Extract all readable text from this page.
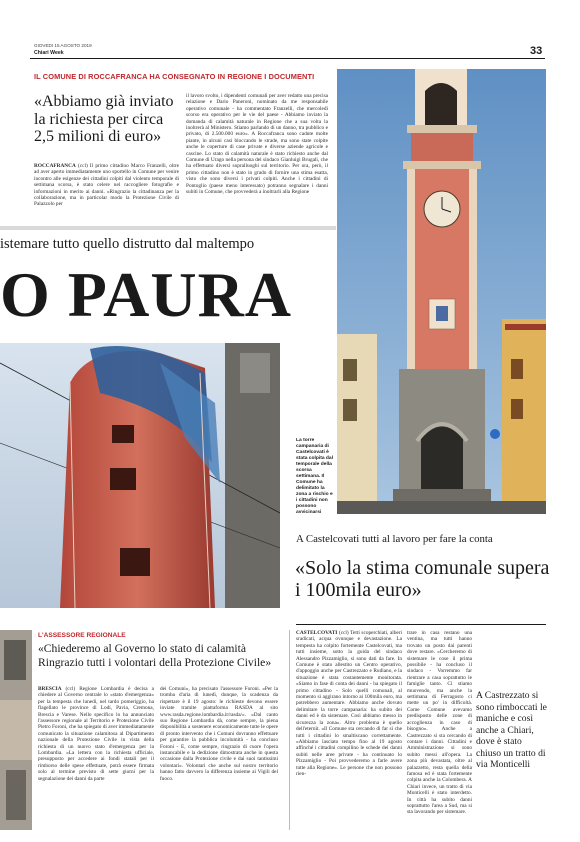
GIOVEDI 15 AGOSTO 2019
Chiari Week	33
IL COMUNE DI ROCCAFRANCA HA CONSEGNATO IN REGIONE I DOCUMENTI
«Abbiamo già inviato la richiesta per circa 2,5 milioni di euro»

ROCCAFRANCA (ccl) Il primo cittadino Marco Franzelli, oltre ad aver aperto immediatamente uno sportello in Comune per venire incontro alle esigenze dei cittadini colpiti dal violento temporale di settimana scorsa, è stato celere nel raccogliere fotografie e informazioni in merito ai danni. «Ringrazio la cittadinanza per la collaborazione, ma in particolar modo la Protezione Civile di Palazzolo per

il lavoro svolto, i dipendenti comunali per aver redatto una precisa relazione e Dario Paneroni, nominato da me responsabile operativo comunale - ha commentato Franzelli, che mercoledì scorso era operativo per le vie del paese - Abbiamo inviato la domanda di calamità naturale in Regione che a sua volta la inoltrerà al Ministero. Stiamo parlando di un danno, tra pubblico e privato, di 2.500.000 euro». A Roccafranca sono cadute molte piante, in alcuni casi bloccando le strade, ma sono state colpite anche le coperture di case private e diverse aziende agricole e cascine. Lo stato di calamità naturale è stato richiesto anche dal Comune di Urago nella persona del sindaco Gianluigi Brugali, che ha effettuato diversi sopralluoghi sul territorio. Per ora, però, il primo cittadino non è stato in grado di fornire una stima esatta, visto che sono diversi i privati colpiti. Anche i cittadini di Pontoglio (paese meno interessato) potranno segnalare i danni subiti in Comune, che provvederà a inoltrarli alla Regione

istemare tutto quello distrutto dal maltempo
O PAURA
La torre campanaria di Castelcovati è stata colpita dal temporale della scorsa settimana. Il Comune ha delimitato la zona a rischio e i cittadini non possono avvicinarsi
A Castelcovati tutti al lavoro per fare la conta
«Solo la stima comunale supera i 100mila euro»

CASTELCOVATI (ccl) Tetti scoperchiati, alberi sradicati, acqua ovunque e devastazione. La tempesta ha colpito fortemente Castelcovati, ma tutti insieme, sotto la guida del sindaco Alessandro Pizzamiglio, si sono dati da fare. In Comune è stato allestito un Centro operativo, d'appoggio anche per Castrezzato e Rudiano, e la situazione è stata costantemente monitorata. «Siamo in fase di conta dei danni - ha spiegato il primo cittadino - Solo quelli comunali, al momento si aggirano intorno ai 100mila euro, ma potrebbero aumentare. Abbiamo anche dovuto delimitare la torre campanaria: ha subito dei danni ed è da sistemare. Così abbiamo messo in sicurezza la zona». Altro problema è quello dell'eternit. «Il Comune sta cercando di far sì che tutti i cittadini lo smaltiscano correttamente. «Abbiamo lasciato tempo fino al 19 agosto affinché i cittadini compilino le schede dei danni subiti nelle aree private - ha continuato lo Pizzamiglio - Poi provvederemo a farle avere tutte alla Regione». Le persone che non possono rien-

trare in casa restano una ventina, ma tutti hanno trovato un posto dai parenti dove restare. «Cercheremo di sistemare le cose il prima possibile - ha concluso il sindaco - Vorremmo far rientrare a casa soprattutto le famiglie tanto. Ci stiamo muovendo, ma anche la settimana di Ferragosto ci mette un po' in difficoltà. Come Comune avevamo predisposto delle zone di accoglienza in caso di bisogno». Anche a Castrezzato si sta cercando di contare i danni. Cittadini e Amministrazione si sono subito messi all'opera. La zona più devastata, oltre al palazzetto, resta quella della famosa ed è stata fortemente colpita anche la Colombera. A Chiari invece, un tratto di via Monticelli è stato interdetto. In città ha subito danni soprattutto l'area a Sud, ma si sta lavorando per sistemare.

A Castrezzato si sono rimboccati le maniche e così anche a Chiari, dove è stato chiuso un tratto di via Monticelli
L'ASSESSORE REGIONALE
«Chiederemo al Governo lo stato di calamità Ringrazio tutti i volontari della Protezione Civile»

BRESCIA (ccl) Regione Lombardia è decisa a chiedere al Governo centrale lo «stato d'emergenza» per la tempesta che lunedì, nel tardo pomeriggio, ha flagellato le province di Lodi, Pavia, Cremona, Brescia e Varese. Nello specifico lo ha annunciato l'assessore regionale al Territorio e Protezione Civile Pietro Foroni, che ha spiegato di aver immediatamente comunicato la situazione calamitosa al Dipartimento nazionale della Protezione Civile in vista della richiesta di un nuovo stato d'emergenza per la Lombardia. «La lettera con la richiesta ufficiale, presupposto per accedere ai fondi statali per il rimborso delle spese effettuate, potrà essere firmata solo al termine previsto di sette giorni per la segnalazione dei danni da parte

dei Comuni», ha precisato l'assessore Foroni. «Per la tromba d'aria di lunedì, dunque, la scadenza da rispettare è il 19 agosto: le richieste devono essere inviate tramite piattaforma RASDA al sito www.rasda.regione.lombardia.it/rasda/». «Dal canto suo Regione Lombardia dà, come sempre, la piena disponibilità a sostenere economicamente tutte le opere di pronto intervento che i Comuni dovranno effettuare per garantire la pubblica incolumità - ha concluso Foroni - E, come sempre, ringrazio di cuore l'opera instancabile e la dedizione dimostrata anche in questa occasione dalla Protezione civile e dai suoi tantissimi volontari». Volontari che anche sul nostro territorio hanno fatto davvero la differenza insieme ai Vigili del fuoco.
